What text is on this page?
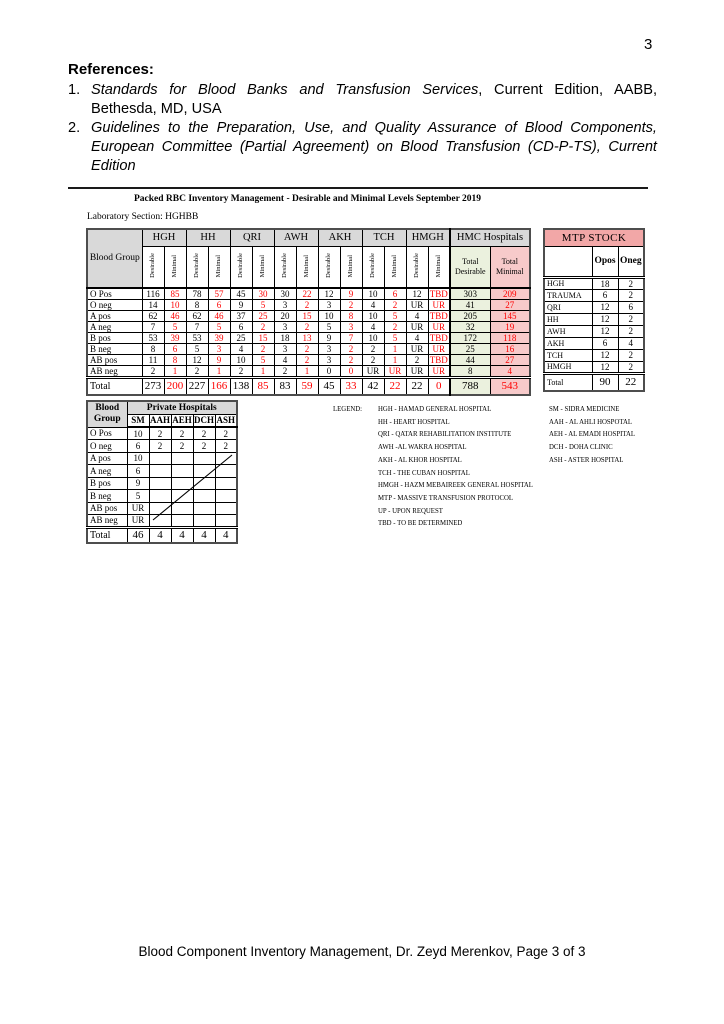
3
References:
1. Standards for Blood Banks and Transfusion Services, Current Edition, AABB, Bethesda, MD, USA
2. Guidelines to the Preparation, Use, and Quality Assurance of Blood Components, European Committee (Partial Agreement) on Blood Transfusion (CD-P-TS), Current Edition
Packed RBC Inventory Management - Desirable and Minimal Levels September 2019
Laboratory Section: HGHBB
Blood Group	HGH		HH		QRI		AWH		AKH		TCH		HMGH		HMC Hospitals	
	Desirable	Minimal	Desirable	Minimal	Desirable	Minimal	Desirable	Minimal	Desirable	Minimal	Desirable	Minimal	Desirable	Minimal	Total Desirable	Total Minimal
O Pos	116	85	78	57	45	30	30	22	12	9	10	6	12	TBD	303	209
O neg	14	10	8	6	9	5	3	2	3	2	4	2	UR	UR	41	27
A pos	62	46	62	46	37	25	20	15	10	8	10	5	4	TBD	205	145
A neg	7	5	7	5	6	2	3	2	5	3	4	2	UR	UR	32	19
B pos	53	39	53	39	25	15	18	13	9	7	10	5	4	TBD	172	118
B neg	8	6	5	3	4	2	3	2	3	2	2	1	UR	UR	25	16
AB pos	11	8	12	9	10	5	4	2	3	2	2	1	2	TBD	44	27
AB neg	2	1	2	1	2	1	2	1	0	0	UR	UR	UR	UR	8	4
Total	273	200	227	166	138	85	83	59	45	33	42	22	22	0	788	543
MTP STOCK		
	Opos	Oneg
HGH	18	2
TRAUMA	6	2
QRI	12	6
HH	12	2
AWH	12	2
AKH	6	4
TCH	12	2
HMGH	12	2
Total	90	22
Blood Group	Private Hospitals				
	SM	AAH	AEH	DCH	ASH
O Pos	10	2	2	2	2
O neg	6	2	2	2	2
A pos	10				
A neg	6				
B pos	9				
B neg	5				
AB pos	UR				
AB neg	UR				
Total	46	4	4	4	4
LEGEND:	HGH - HAMAD GENERAL HOSPITAL
HH - HEART HOSPITAL
QRI - QATAR REHABILITATION INSTITUTE
AWH -AL WAKRA HOSPITAL
AKH - AL KHOR HOSPITAL
TCH - THE CUBAN HOSPITAL
HMGH - HAZM MEBAIREEK GENERAL HOSPITAL
MTP - MASSIVE TRANSFUSION PROTOCOL
UP - UPON REQUEST
TBD - TO BE DETERMINED
SM - SIDRA MEDICINE
AAH - AL AHLI HOSPOTAL
AEH - AL EMADI HOSPITAL
DCH - DOHA CLINIC
ASH - ASTER HOSPITAL
Blood Component Inventory Management, Dr. Zeyd Merenkov, Page 3 of 3
